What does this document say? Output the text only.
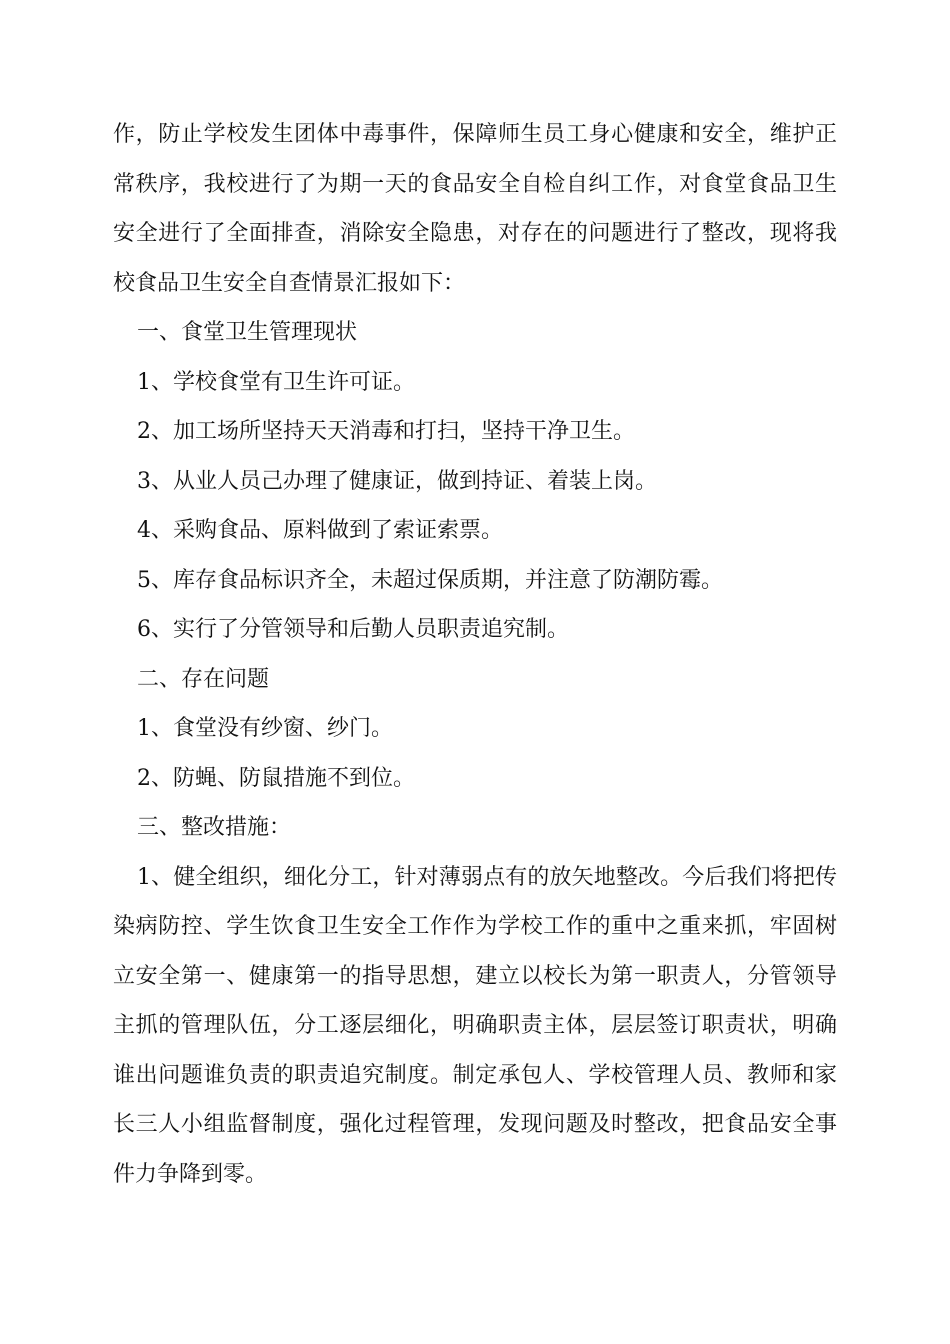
作，防止学校发生团体中毒事件，保障师生员工身心健康和安全，维护正常秩序，我校进行了为期一天的食品安全自检自纠工作，对食堂食品卫生安全进行了全面排查，消除安全隐患，对存在的问题进行了整改，现将我校食品卫生安全自查情景汇报如下：

一、食堂卫生管理现状

1、学校食堂有卫生许可证。

2、加工场所坚持天天消毒和打扫，坚持干净卫生。

3、从业人员己办理了健康证，做到持证、着装上岗。

4、采购食品、原料做到了索证索票。

5、库存食品标识齐全，未超过保质期，并注意了防潮防霉。

6、实行了分管领导和后勤人员职责追究制。

二、存在问题

1、食堂没有纱窗、纱门。

2、防蝇、防鼠措施不到位。

三、整改措施：

1、健全组织，细化分工，针对薄弱点有的放矢地整改。今后我们将把传染病防控、学生饮食卫生安全工作作为学校工作的重中之重来抓，牢固树立安全第一、健康第一的指导思想，建立以校长为第一职责人，分管领导主抓的管理队伍，分工逐层细化，明确职责主体，层层签订职责状，明确谁出问题谁负责的职责追究制度。制定承包人、学校管理人员、教师和家长三人小组监督制度，强化过程管理，发现问题及时整改，把食品安全事件力争降到零。
